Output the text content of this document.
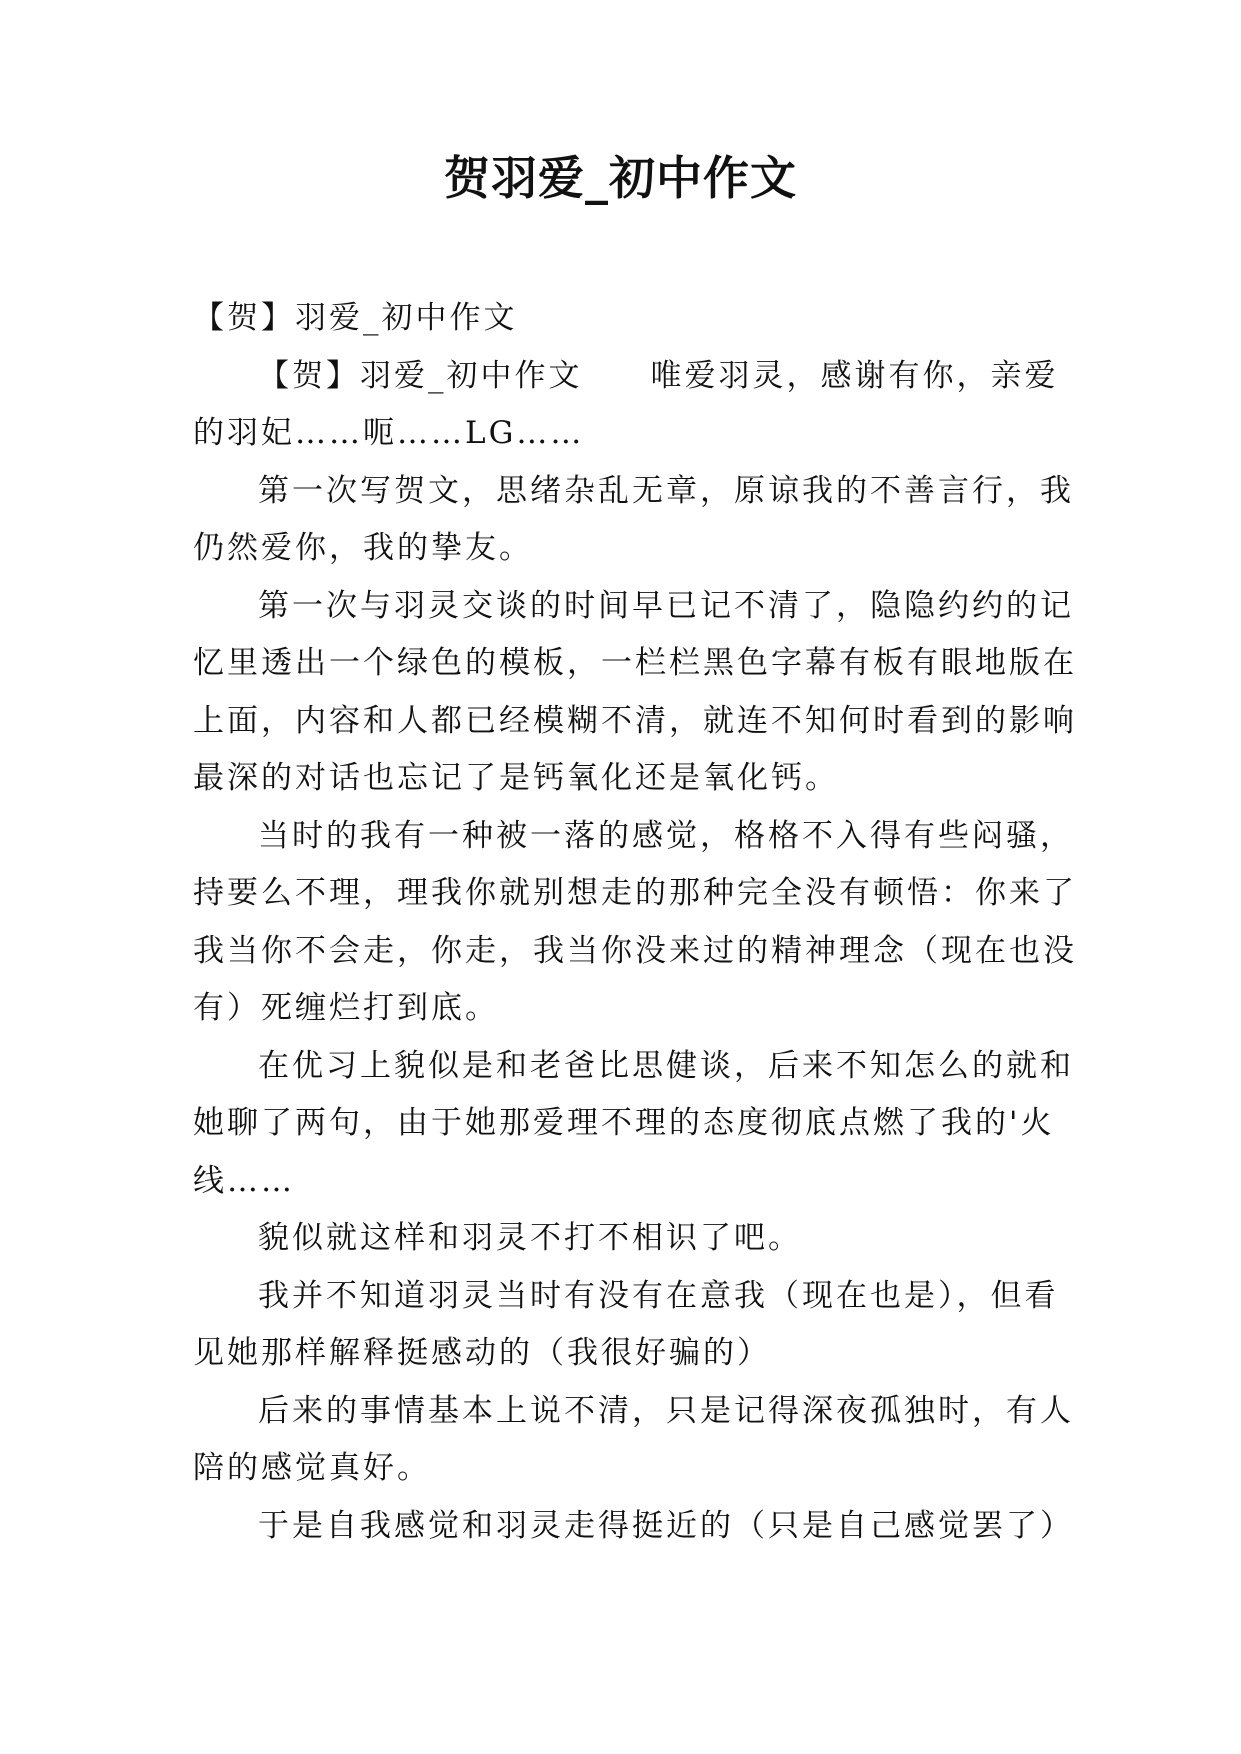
贺羽爱_初中作文
【贺】羽爱_初中作文
【贺】羽爱_初中作文　　唯爱羽灵，感谢有你，亲爱
的羽妃……呃……LG……
第一次写贺文，思绪杂乱无章，原谅我的不善言行，我
仍然爱你，我的挚友。
第一次与羽灵交谈的时间早已记不清了，隐隐约约的记
忆里透出一个绿色的模板，一栏栏黑色字幕有板有眼地版在
上面，内容和人都已经模糊不清，就连不知何时看到的影响
最深的对话也忘记了是钙氧化还是氧化钙。
当时的我有一种被一落的感觉，格格不入得有些闷骚，
持要么不理，理我你就别想走的那种完全没有顿悟：你来了
我当你不会走，你走，我当你没来过的精神理念（现在也没
有）死缠烂打到底。
在优习上貌似是和老爸比思健谈，后来不知怎么的就和
她聊了两句，由于她那爱理不理的态度彻底点燃了我的'火
线……
貌似就这样和羽灵不打不相识了吧。
我并不知道羽灵当时有没有在意我（现在也是），但看
见她那样解释挺感动的（我很好骗的）
后来的事情基本上说不清，只是记得深夜孤独时，有人
陪的感觉真好。
于是自我感觉和羽灵走得挺近的（只是自己感觉罢了）
